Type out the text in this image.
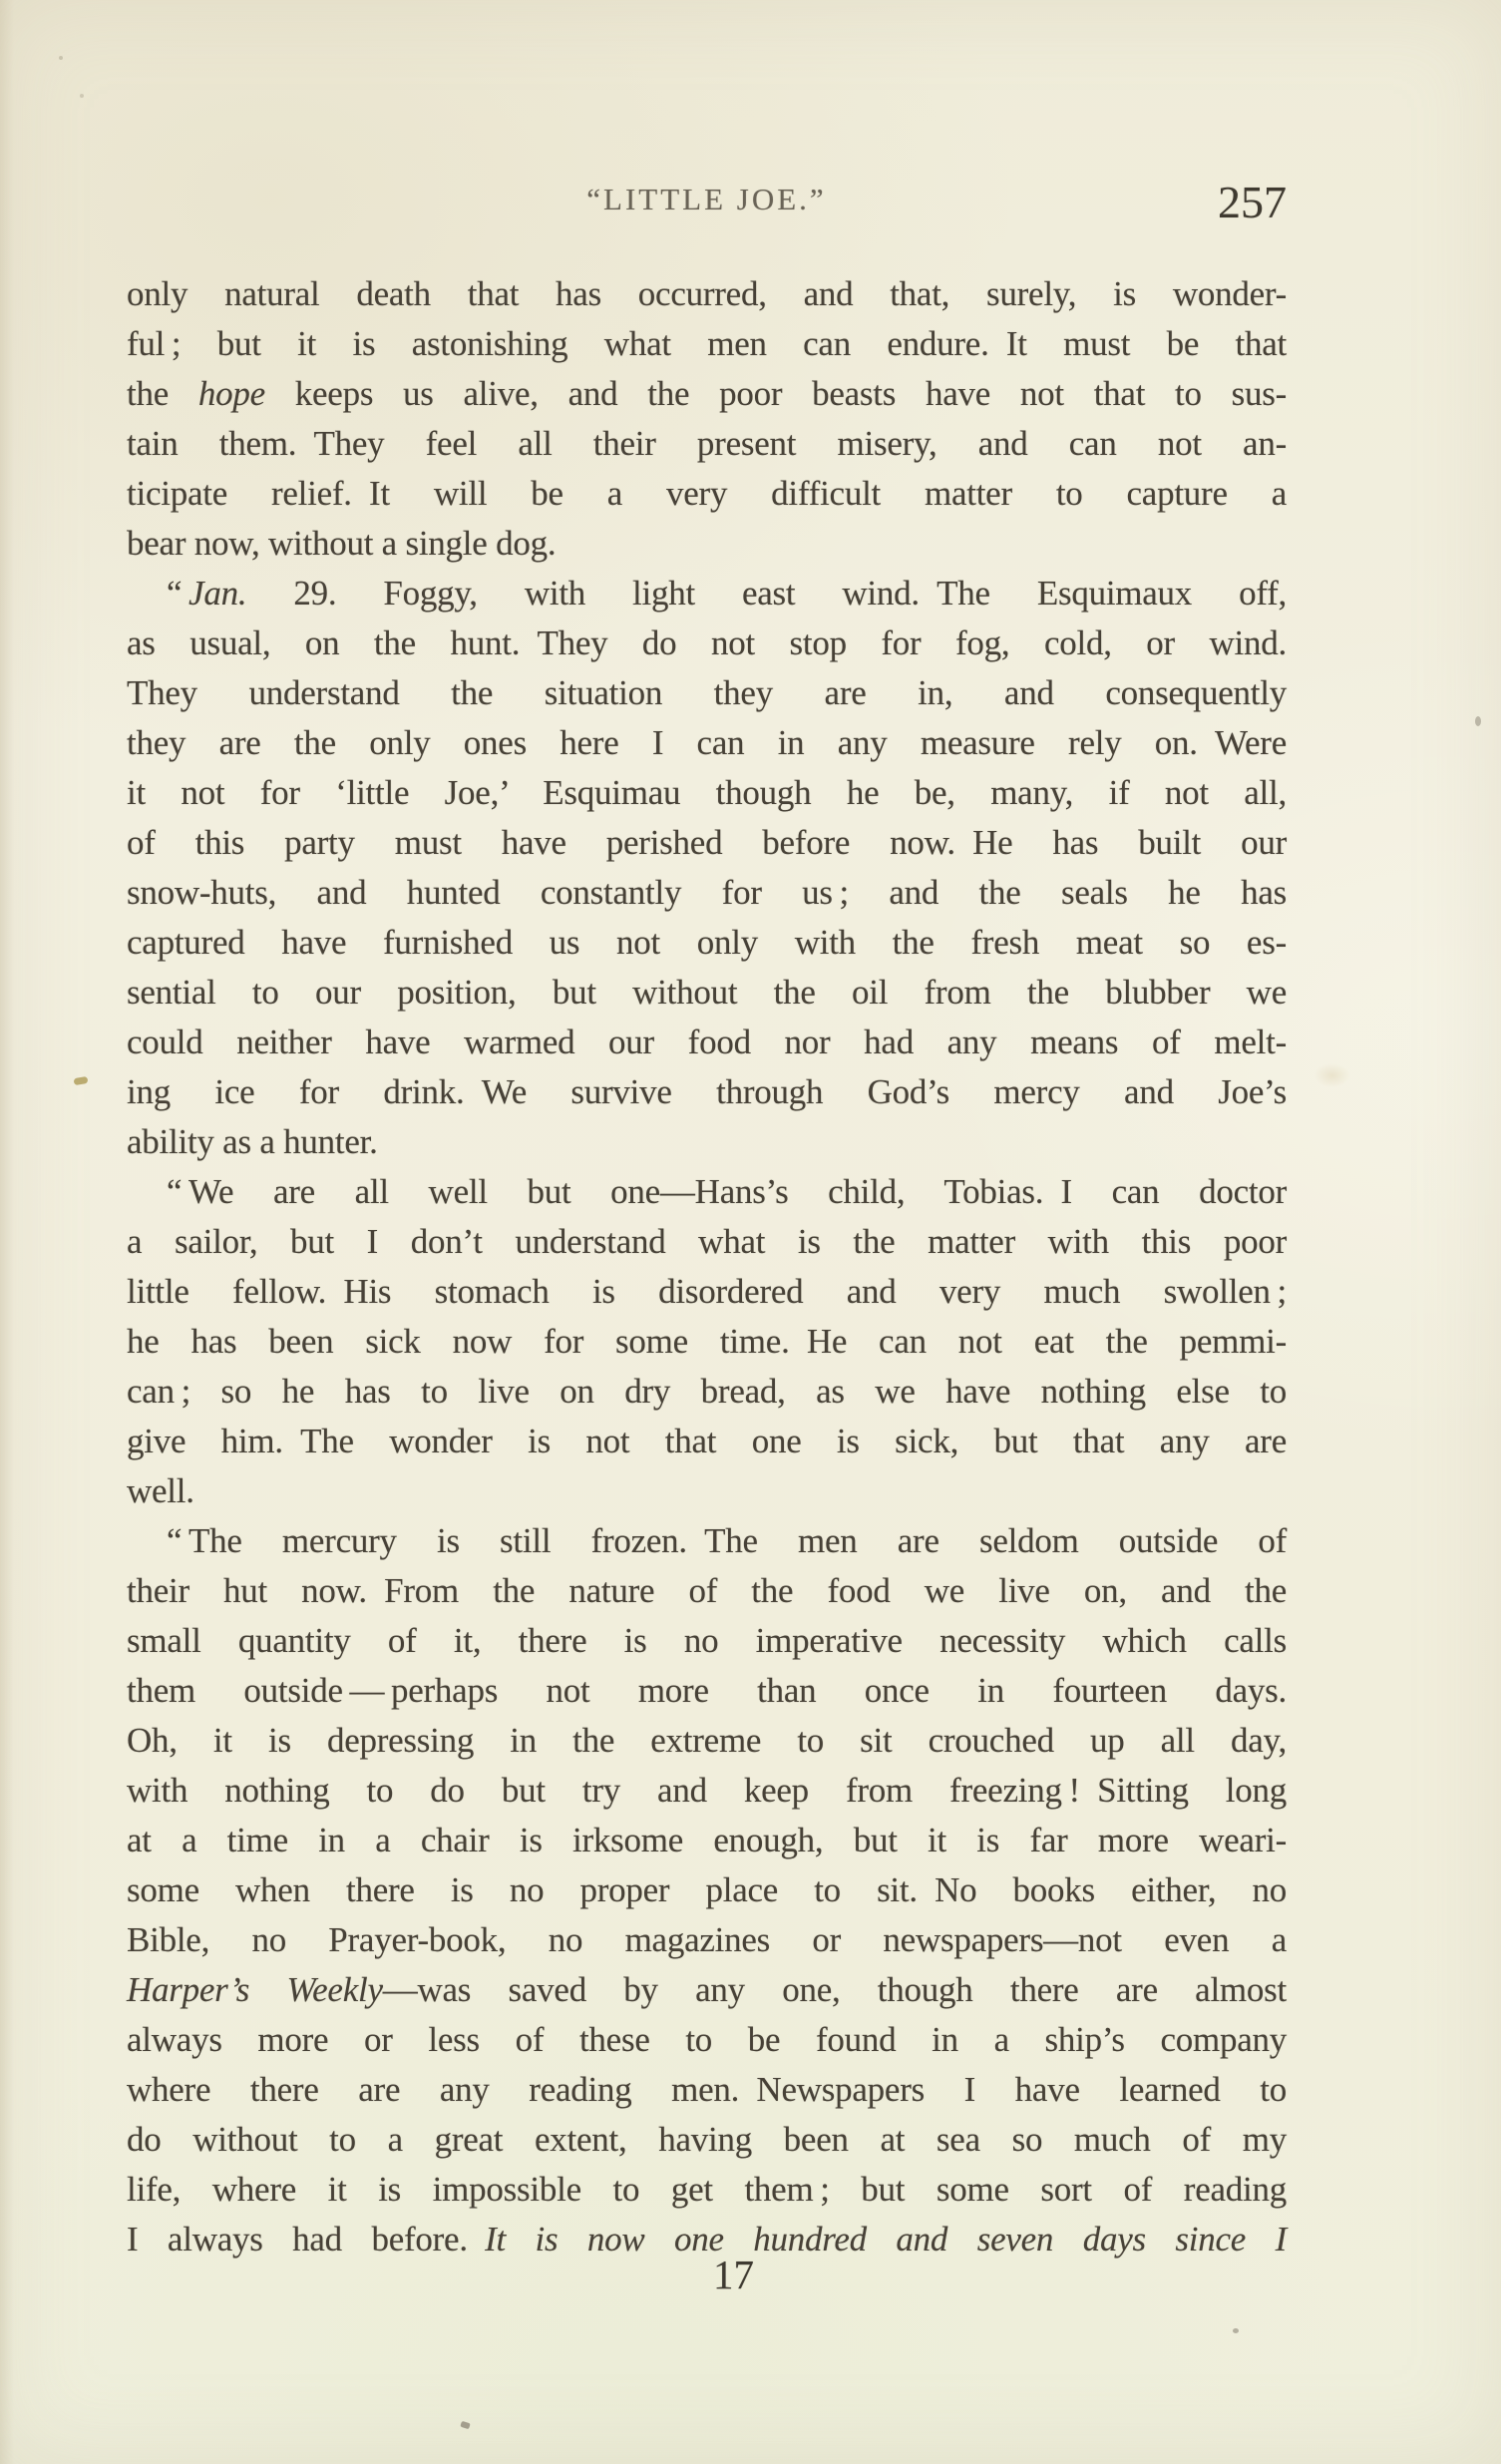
“LITTLE JOE.”	257
only natural death that has occurred, and that, surely, is wonder-
ful ; but it is astonishing what men can endure. It must be that
the hope keeps us alive, and the poor beasts have not that to sus-
tain them. They feel all their present misery, and can not an-
ticipate relief. It will be a very difficult matter to capture a
bear now, without a single dog.
“ Jan. 29. Foggy, with light east wind. The Esquimaux off,
as usual, on the hunt. They do not stop for fog, cold, or wind.
They understand the situation they are in, and consequently
they are the only ones here I can in any measure rely on. Were
it not for ‘little Joe,’ Esquimau though he be, many, if not all,
of this party must have perished before now. He has built our
snow-huts, and hunted constantly for us ; and the seals he has
captured have furnished us not only with the fresh meat so es-
sential to our position, but without the oil from the blubber we
could neither have warmed our food nor had any means of melt-
ing ice for drink. We survive through God’s mercy and Joe’s
ability as a hunter.
“ We are all well but one—Hans’s child, Tobias. I can doctor
a sailor, but I don’t understand what is the matter with this poor
little fellow. His stomach is disordered and very much swollen ;
he has been sick now for some time. He can not eat the pemmi-
can ; so he has to live on dry bread, as we have nothing else to
give him. The wonder is not that one is sick, but that any are
well.
“ The mercury is still frozen. The men are seldom outside of
their hut now. From the nature of the food we live on, and the
small quantity of it, there is no imperative necessity which calls
them outside — perhaps not more than once in fourteen days.
Oh, it is depressing in the extreme to sit crouched up all day,
with nothing to do but try and keep from freezing ! Sitting long
at a time in a chair is irksome enough, but it is far more weari-
some when there is no proper place to sit. No books either, no
Bible, no Prayer-book, no magazines or newspapers—not even a
Harper’s Weekly—was saved by any one, though there are almost
always more or less of these to be found in a ship’s company
where there are any reading men. Newspapers I have learned to
do without to a great extent, having been at sea so much of my
life, where it is impossible to get them ; but some sort of reading
I always had before. It is now one hundred and seven days since I
17
